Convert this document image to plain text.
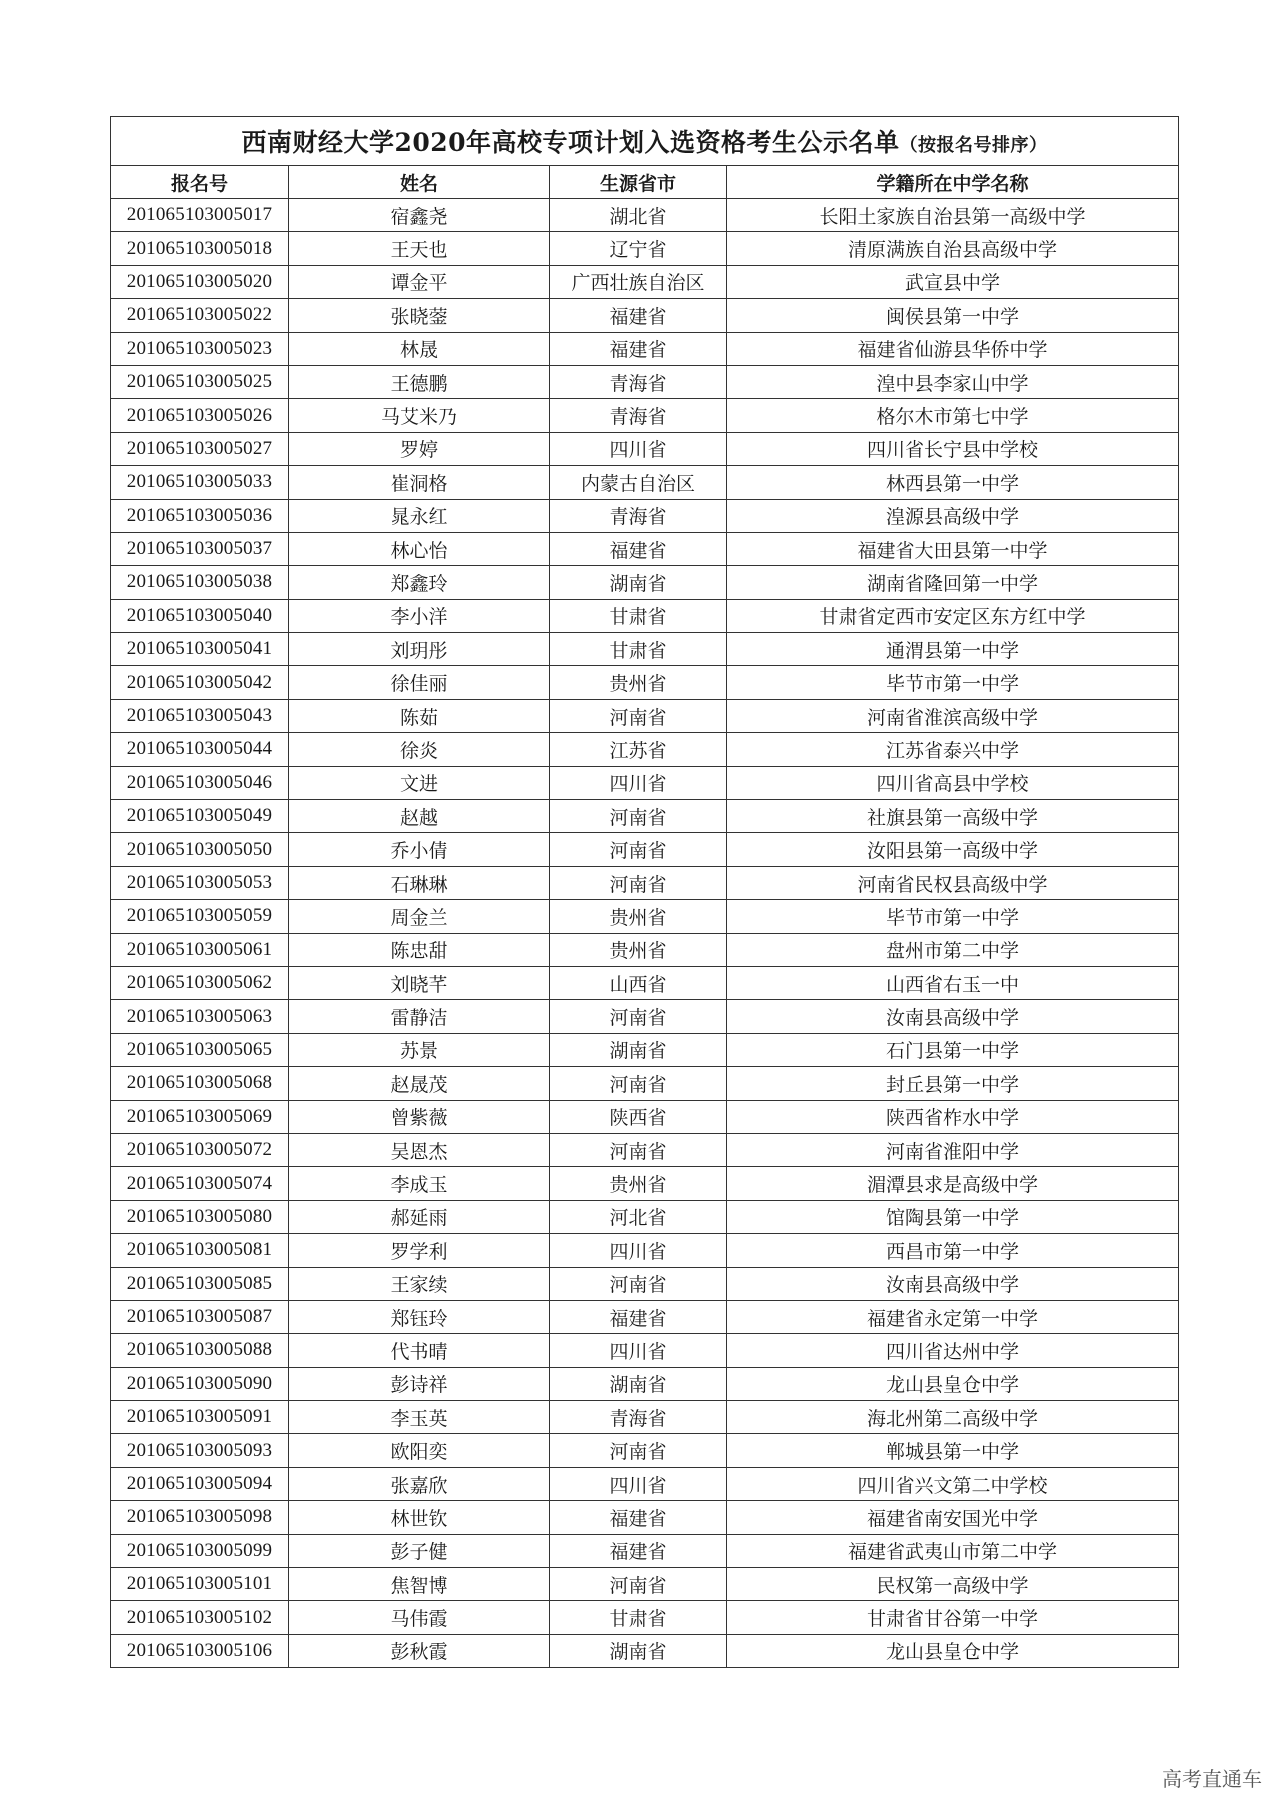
西南财经大学2020年高校专项计划入选资格考生公示名单（按报名号排序）			
报名号	姓名	生源省市	学籍所在中学名称
201065103005017	宿鑫尧	湖北省	长阳土家族自治县第一高级中学
201065103005018	王天也	辽宁省	清原满族自治县高级中学
201065103005020	谭金平	广西壮族自治区	武宣县中学
201065103005022	张晓蓥	福建省	闽侯县第一中学
201065103005023	林晟	福建省	福建省仙游县华侨中学
201065103005025	王德鹏	青海省	湟中县李家山中学
201065103005026	马艾米乃	青海省	格尔木市第七中学
201065103005027	罗婷	四川省	四川省长宁县中学校
201065103005033	崔洞格	内蒙古自治区	林西县第一中学
201065103005036	晁永红	青海省	湟源县高级中学
201065103005037	林心怡	福建省	福建省大田县第一中学
201065103005038	郑鑫玲	湖南省	湖南省隆回第一中学
201065103005040	李小洋	甘肃省	甘肃省定西市安定区东方红中学
201065103005041	刘玥彤	甘肃省	通渭县第一中学
201065103005042	徐佳丽	贵州省	毕节市第一中学
201065103005043	陈茹	河南省	河南省淮滨高级中学
201065103005044	徐炎	江苏省	江苏省泰兴中学
201065103005046	文进	四川省	四川省高县中学校
201065103005049	赵越	河南省	社旗县第一高级中学
201065103005050	乔小倩	河南省	汝阳县第一高级中学
201065103005053	石琳琳	河南省	河南省民权县高级中学
201065103005059	周金兰	贵州省	毕节市第一中学
201065103005061	陈忠甜	贵州省	盘州市第二中学
201065103005062	刘晓芊	山西省	山西省右玉一中
201065103005063	雷静洁	河南省	汝南县高级中学
201065103005065	苏景	湖南省	石门县第一中学
201065103005068	赵晟茂	河南省	封丘县第一中学
201065103005069	曾紫薇	陕西省	陕西省柞水中学
201065103005072	吴恩杰	河南省	河南省淮阳中学
201065103005074	李成玉	贵州省	湄潭县求是高级中学
201065103005080	郝延雨	河北省	馆陶县第一中学
201065103005081	罗学利	四川省	西昌市第一中学
201065103005085	王家续	河南省	汝南县高级中学
201065103005087	郑钰玲	福建省	福建省永定第一中学
201065103005088	代书晴	四川省	四川省达州中学
201065103005090	彭诗祥	湖南省	龙山县皇仓中学
201065103005091	李玉英	青海省	海北州第二高级中学
201065103005093	欧阳奕	河南省	郸城县第一中学
201065103005094	张嘉欣	四川省	四川省兴文第二中学校
201065103005098	林世钦	福建省	福建省南安国光中学
201065103005099	彭子健	福建省	福建省武夷山市第二中学
201065103005101	焦智博	河南省	民权第一高级中学
201065103005102	马伟霞	甘肃省	甘肃省甘谷第一中学
201065103005106	彭秋霞	湖南省	龙山县皇仓中学
高考直通车
